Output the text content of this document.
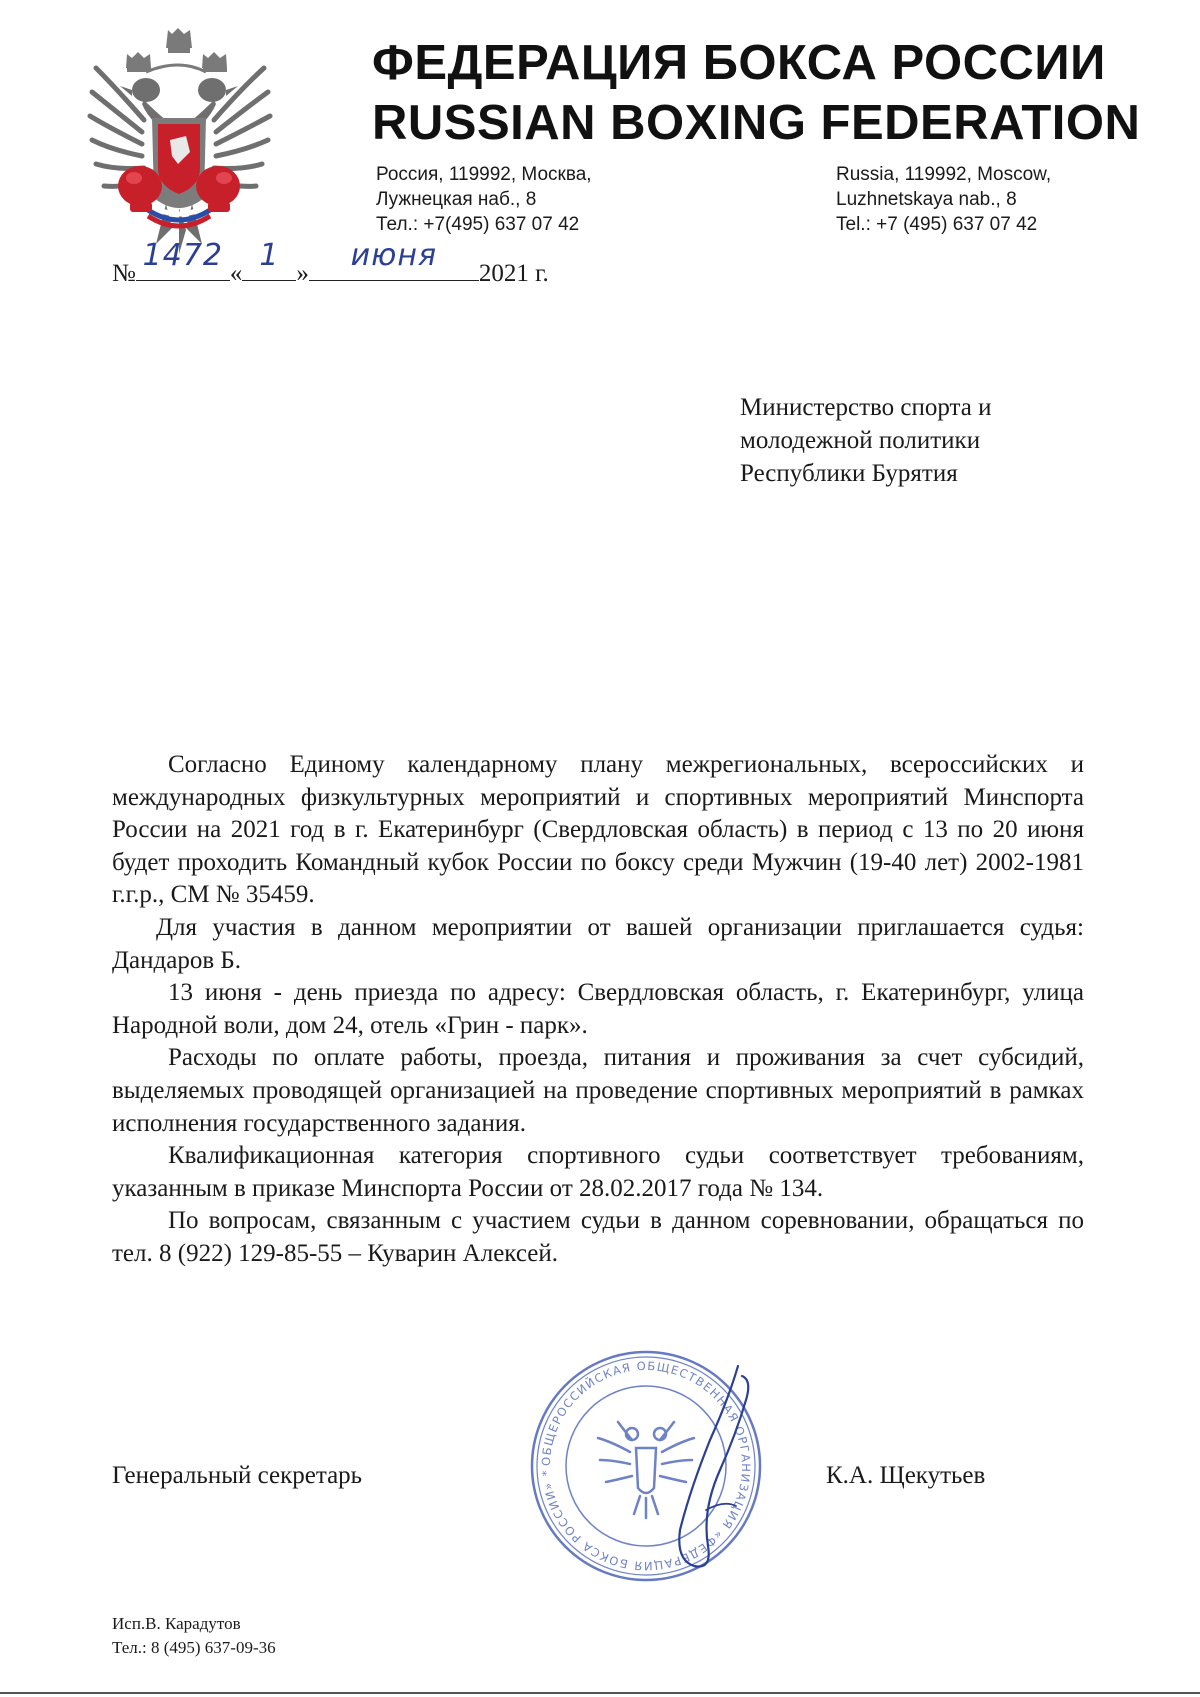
ФЕДЕРАЦИЯ БОКСА РОССИИ
RUSSIAN BOXING FEDERATION
Россия, 119992, Москва,
Лужнецкая наб., 8
Тел.: +7(495) 637 07 42
Russia, 119992, Moscow,
Luzhnetskaya nab., 8
Tel.: +7 (495) 637 07 42
№
1472
«
1
»
июня
2021 г.
Министерство спорта и
молодежной политики
Республики Бурятия

Согласно Единому календарному плану межрегиональных, всероссийских и международных физкультурных мероприятий и спортивных мероприятий Минспорта России на 2021 год в г. Екатеринбург (Свердловская область) в период с 13 по 20 июня будет проходить Командный кубок России по боксу среди Мужчин (19-40 лет) 2002-1981 г.г.р., СМ № 35459.

Для участия в данном мероприятии от вашей организации приглашается судья: Дандаров Б.

13 июня - день приезда по адресу: Свердловская область, г. Екатеринбург, улица Народной воли, дом 24, отель «Грин - парк».

Расходы по оплате работы, проезда, питания и проживания за счет субсидий, выделяемых проводящей организацией на проведение спортивных мероприятий в рамках исполнения государственного задания.

Квалификационная категория спортивного судьи соответствует требованиям, указанным в приказе Минспорта России от 28.02.2017 года № 134.

По вопросам, связанным с участием судьи в данном соревновании, обращаться по тел. 8 (922) 129-85-55 – Куварин Алексей.

ОБЩЕРОССИЙСКАЯ ОБЩЕСТВЕННАЯ ОРГАНИЗАЦИЯ «ФЕДЕРАЦИЯ БОКСА РОССИИ» *
Генеральный секретарь	К.А. Щекутьев
Исп.В. Карадутов
Тел.: 8 (495) 637-09-36
